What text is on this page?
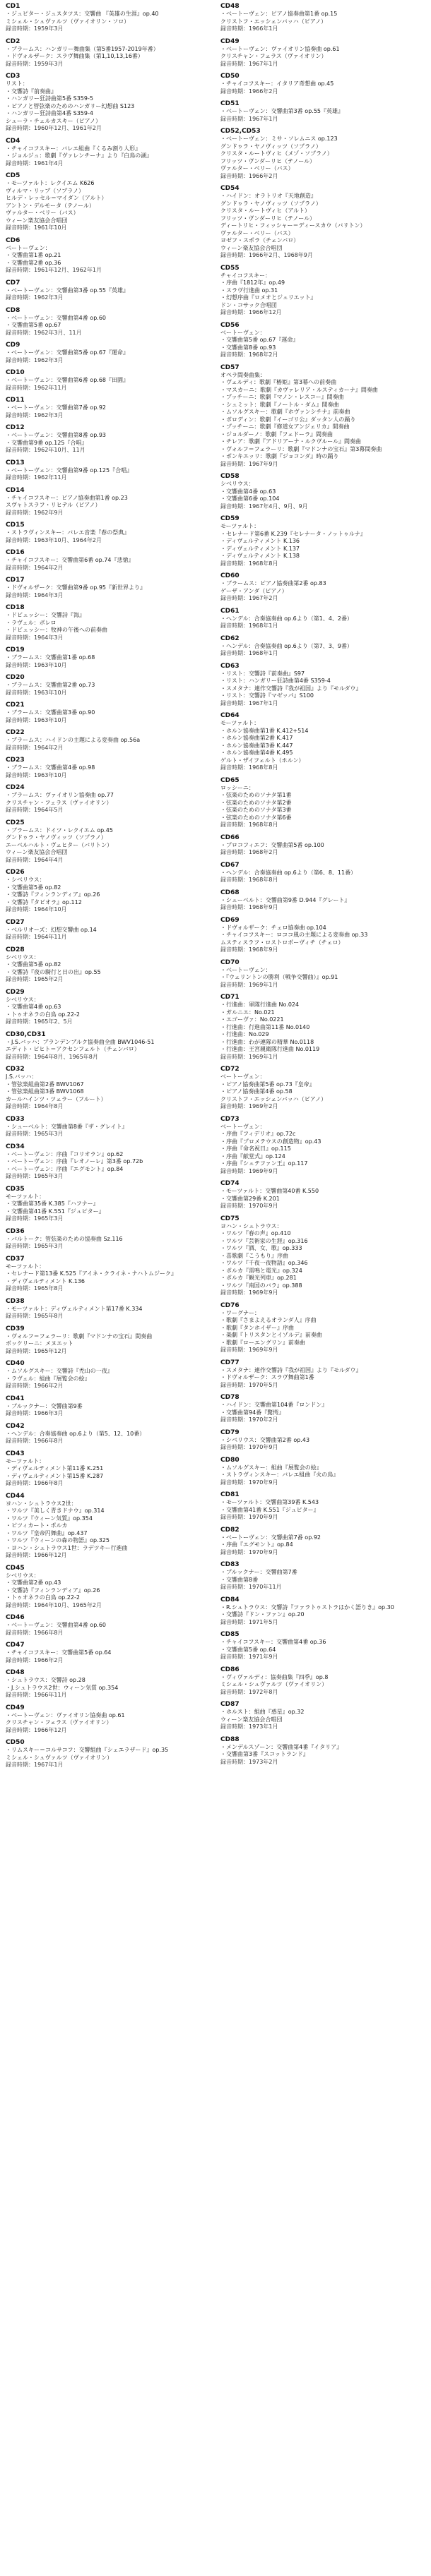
CD1
・ジュピター・ジュスタツス：交響曲 『英雄の生涯』op.40
ミシェル・シュヴァルツ（ヴァイオリン・ソロ）
録音時期：1959年3月
CD2
・ブラームス：ハンガリー舞曲集（第5番1957-2019年番）
・ドヴォルザーク：スラヴ舞曲集（第1,10,13,16番）
録音時期：1959年3月
CD3
リスト：
・交響詩『前奏曲』
・ハンガリー狂詩曲第5番 S359-5
・ピアノと管弦楽のためのハンガリー幻想曲 S123
・ハンガリー狂詩曲第4番 S359-4
シューラ・チェルカスキー（ピアノ）
録音時期：1960年12月、1961年2月
CD4
・チャイコフスキー：バレエ組曲『くるみ割り人形』
・ジョルジュ：歌劇『ヴァレンチーナ』より『白鳥の湖』
録音時期：1961年4月
CD5
・モーツァルト：レクイエム K626
ヴィルマ・リップ（ソプラノ）
ヒルデ・レッセル＝マイダン（アルト）
アントン・デルモータ（テノール）
ヴァルター・ベリー（バス）
ウィーン楽友協会合唱団
録音時期：1961年10月
CD6
ベートーヴェン：
・交響曲第1番 op.21
・交響曲第2番 op.36
録音時期：1961年12月、1962年1月
CD7
・ベートーヴェン：交響曲第3番 op.55『英雄』
録音時期：1962年3月
CD8
・ベートーヴェン：交響曲第4番 op.60
・交響曲第5番 op.67
録音時期：1962年3月、11月
CD9
・ベートーヴェン：交響曲第5番 op.67『運命』
録音時期：1962年3月
CD10
・ベートーヴェン：交響曲第6番 op.68『田園』
録音時期：1962年11月
CD11
・ベートーヴェン：交響曲第7番 op.92
録音時期：1962年3月
CD12
・ベートーヴェン：交響曲第8番 op.93
・交響曲第9番 op.125『合唱』
録音時期：1962年10月、11月
CD13
・ベートーヴェン：交響曲第9番 op.125『合唱』
録音時期：1962年11月
CD14
・チャイコフスキー：ピアノ協奏曲第1番 op.23
スヴャトスラフ・リヒテル（ピアノ）
録音時期：1962年9月
CD15
・ストラヴィンスキー：バレエ音楽『春の祭典』
録音時期：1963年10月、1964年2月
CD16
・チャイコフスキー：交響曲第6番 op.74『悲愴』
録音時期：1964年2月
CD17
・ドヴォルザーク：交響曲第9番 op.95『新世界より』
録音時期：1964年3月
CD18
・ドビュッシー：交響詩『海』
・ラヴェル：ボレロ
・ドビュッシー：牧神の午後への前奏曲
録音時期：1964年3月
CD19
・ブラームス：交響曲第1番 op.68
録音時期：1963年10月
CD20
・ブラームス：交響曲第2番 op.73
録音時期：1963年10月
CD21
・ブラームス：交響曲第3番 op.90
録音時期：1963年10月
CD22
・ブラームス：ハイドンの主題による変奏曲 op.56a
録音時期：1964年2月
CD23
・ブラームス：交響曲第4番 op.98
録音時期：1963年10月
CD24
・ブラームス：ヴァイオリン協奏曲 op.77
クリスチャン・フェラス（ヴァイオリン）
録音時期：1964年5月
CD25
・ブラームス：ドイツ・レクイエム op.45
グンドゥラ・ヤノヴィッツ（ソプラノ）
エーベルハルト・ヴェヒター（バリトン）
ウィーン楽友協会合唱団
録音時期：1964年4月
CD26
・シベリウス：
・交響曲第5番 op.82
・交響詩『フィンランディア』op.26
・交響詩『タピオラ』op.112
録音時期：1964年10月
CD27
・ベルリオーズ：幻想交響曲 op.14
録音時期：1964年11月
CD28
シベリウス：
・交響曲第5番 op.82
・交響詩『夜の騎行と日の出』op.55
録音時期：1965年2月
CD29
シベリウス：
・交響曲第4番 op.63
・トゥオネラの白鳥 op.22-2
録音時期：1965年2、5月
CD30,CD31
・J.S.バッハ：ブランデンブルク協奏曲全曲 BWV1046-51
エディト・ピヒト＝アクセンフェルト（チェンバロ）
録音時期：1964年8月、1965年8月
CD32
J.S.バッハ：
・管弦楽組曲第2番 BWV1067
・管弦楽組曲第3番 BWV1068
カールハインツ・ツェラー（フルート）
録音時期：1964年8月
CD33
・シューベルト：交響曲第8番『ザ・グレイト』
録音時期：1965年3月
CD34
・ベートーヴェン：序曲『コリオラン』op.62
・ベートーヴェン：序曲『レオノーレ』第3番 op.72b
・ベートーヴェン：序曲『エグモント』op.84
録音時期：1965年3月
CD35
モーツァルト：
・交響曲第35番 K.385『ハフナー』
・交響曲第41番 K.551『ジュピター』
録音時期：1965年3月
CD36
・バルトーク：管弦楽のための協奏曲 Sz.116
録音時期：1965年3月
CD37
モーツァルト：
・セレナード第13番 K.525『アイネ・クライネ・ナハトムジーク』
・ディヴェルティメント K.136
録音時期：1965年8月
CD38
・モーツァルト：ディヴェルティメント第17番 K.334
録音時期：1965年8月
CD39
・ヴォルフ＝フェラーリ：歌劇『マドンナの宝石』間奏曲
ボッケリーニ：メヌエット
録音時期：1965年12月
CD40
・ムソルグスキー：交響詩『禿山の一夜』
・ラヴェル：組曲『展覧会の絵』
録音時期：1966年2月
CD41
・ブルックナー：交響曲第9番
録音時期：1966年3月
CD42
・ヘンデル：合奏協奏曲 op.6より（第5、12、10番）
録音時期：1966年8月
CD43
モーツァルト：
・ディヴェルティメント第11番 K.251
・ディヴェルティメント第15番 K.287
録音時期：1966年8月
CD44
ヨハン・シュトラウス2世：
・ワルツ『美しく青きドナウ』op.314
・ワルツ『ウィーン気質』op.354
・ピツィカート・ポルカ
・ワルツ『皇帝円舞曲』op.437
・ワルツ『ウィーンの森の物語』op.325
・ヨハン・シュトラウス1世：ラデツキー行進曲
録音時期：1966年12月
CD45
シベリウス：
・交響曲第2番 op.43
・交響詩『フィンランディア』op.26
・トゥオネラの白鳥 op.22-2
録音時期：1964年10月、1965年2月
CD46
・ベートーヴェン：交響曲第4番 op.60
録音時期：1966年8月
CD47
・チャイコフスキー：交響曲第5番 op.64
録音時期：1966年2月
CD48
・シュトラウス：交響詩 op.28
・J.シュトラウス2世：ウィーン気質 op.354
録音時期：1966年11月
CD49
・ベートーヴェン：ヴァイオリン協奏曲 op.61
クリスチャン・フェラス（ヴァイオリン）
録音時期：1966年12月
CD50
・リムスキー＝コルサコフ：交響組曲『シェエラザード』op.35
ミシェル・シュヴァルツ（ヴァイオリン）
録音時期：1967年1月
CD48
・ベートーヴェン：ピアノ協奏曲第1番 op.15
クリストフ・エッシェンバッハ（ピアノ）
録音時期：1966年1月
CD49
・ベートーヴェン：ヴァイオリン協奏曲 op.61
クリスチャン・フェラス（ヴァイオリン）
録音時期：1967年1月
CD50
・チャイコフスキー：イタリア奇想曲 op.45
録音時期：1966年2月
CD51
・ベートーヴェン：交響曲第3番 op.55『英雄』
録音時期：1967年1月
CD52,CD53
・ベートーヴェン：ミサ・ソレムニス op.123
グンドゥラ・ヤノヴィッツ（ソプラノ）
クリスタ・ルートヴィヒ（メゾ・ソプラノ）
フリッツ・ヴンダーリヒ（テノール）
ヴァルター・ベリー（バス）
録音時期：1966年2月
CD54
・ハイドン：オラトリオ『天地創造』
グンドゥラ・ヤノヴィッツ（ソプラノ）
クリスタ・ルートヴィヒ（アルト）
フリッツ・ヴンダーリヒ（テノール）
ディートリヒ・フィッシャー＝ディースカウ（バリトン）
ヴァルター・ベリー（バス）
ヨゼフ・スポラ（チェンバロ）
ウィーン楽友協会合唱団
録音時期：1966年2月、1968年9月
CD55
チャイコフスキー：
・序曲『1812年』op.49
・スラヴ行進曲 op.31
・幻想序曲『ロメオとジュリエット』
ドン・コサック合唱団
録音時期：1966年12月
CD56
ベートーヴェン：
・交響曲第5番 op.67『運命』
・交響曲第8番 op.93
録音時期：1968年2月
CD57
オペラ間奏曲集：
・ヴェルディ：歌劇『椿姫』第3幕への前奏曲
・マスカーニ：歌劇『カヴァレリア・ルスティカーナ』間奏曲
・プッチーニ：歌劇『マノン・レスコー』間奏曲
・シュミット：歌劇『ノートル・ダム』間奏曲
・ムソルグスキー：歌劇『ホヴァンシチナ』前奏曲
・ボロディン：歌劇『イーゴリ公』ダッタン人の踊り
・プッチーニ：歌劇『修道女アンジェリカ』間奏曲
・ジョルダーノ：歌劇『フェドーラ』間奏曲
・チレア：歌劇『アドリアーナ・ルクヴルール』間奏曲
・ヴォルフ＝フェラーリ：歌劇『マドンナの宝石』第3幕間奏曲
・ポンキエッリ：歌劇『ジョコンダ』時の踊り
録音時期：1967年9月
CD58
シベリウス：
・交響曲第4番 op.63
・交響曲第6番 op.104
録音時期：1967年4月、9月、9月
CD59
モーツァルト：
・セレナード第6番 K.239『セレナータ・ノットゥルナ』
・ディヴェルティメント K.136
・ディヴェルティメント K.137
・ディヴェルティメント K.138
録音時期：1968年8月
CD60
・ブラームス：ピアノ協奏曲第2番 op.83
ゲーザ・アンダ（ピアノ）
録音時期：1967年2月
CD61
・ヘンデル：合奏協奏曲 op.6より（第1、4、2番）
録音時期：1968年1月
CD62
・ヘンデル：合奏協奏曲 op.6より（第7、3、9番）
録音時期：1968年1月
CD63
・リスト：交響詩『前奏曲』S97
・リスト：ハンガリー狂詩曲第4番 S359-4
・スメタナ：連作交響詩『我が祖国』より『モルダウ』
・リスト：交響詩『マゼッパ』S100
録音時期：1967年1月
CD64
モーツァルト：
・ホルン協奏曲第1番 K.412+514
・ホルン協奏曲第2番 K.417
・ホルン協奏曲第3番 K.447
・ホルン協奏曲第4番 K.495
ゲルト・ザイフェルト（ホルン）
録音時期：1968年8月
CD65
ロッシーニ：
・弦楽のためのソナタ第1番
・弦楽のためのソナタ第2番
・弦楽のためのソナタ第3番
・弦楽のためのソナタ第6番
録音時期：1968年8月
CD66
・プロコフィエフ：交響曲第5番 op.100
録音時期：1968年2月
CD67
・ヘンデル：合奏協奏曲 op.6より（第6、8、11番）
録音時期：1968年8月
CD68
・シューベルト：交響曲第9番 D.944『グレート』
録音時期：1968年9月
CD69
・ドヴォルザーク：チェロ協奏曲 op.104
・チャイコフスキー：ロココ風の主題による変奏曲 op.33
ムスティスラフ・ロストロポーヴィチ（チェロ）
録音時期：1968年9月
CD70
・ベートーヴェン：
・『ウェリントンの勝利（戦争交響曲）』op.91
録音時期：1969年1月
CD71
・行進曲：軍隊行進曲 No.024
・ガルニエ：No.021
・エゴーヴァ：No.0221
・行進曲：行進曲第11番 No.0140
・行進曲：No.029
・行進曲：わが連隊の精華 No.0118
・行進曲：王宮親衛隊行進曲 No.0119
録音時期：1969年1月
CD72
ベートーヴェン：
・ピアノ協奏曲第5番 op.73『皇帝』
・ピアノ協奏曲第4番 op.58
クリストフ・エッシェンバッハ（ピアノ）
録音時期：1969年2月
CD73
ベートーヴェン：
・序曲『フィデリオ』op.72c
・序曲『プロメテウスの創造物』op.43
・序曲『命名祝日』op.115
・序曲『献堂式』op.124
・序曲『シュテファン王』op.117
録音時期：1969年9月
CD74
・モーツァルト：交響曲第40番 K.550
・交響曲第29番 K.201
録音時期：1970年9月
CD75
ヨハン・シュトラウス：
・ワルツ『春の声』op.410
・ワルツ『芸術家の生涯』op.316
・ワルツ『酒、女、歌』op.333
・喜歌劇『こうもり』序曲
・ワルツ『千夜一夜物語』op.346
・ポルカ『雷鳴と電光』op.324
・ポルカ『観光列車』op.281
・ワルツ『南国のバラ』op.388
録音時期：1969年9月
CD76
・ワーグナー：
・歌劇『さまよえるオランダ人』序曲
・歌劇『タンホイザー』序曲
・楽劇『トリスタンとイゾルデ』前奏曲
・歌劇『ローエングリン』前奏曲
録音時期：1969年9月
CD77
・スメタナ：連作交響詩『我が祖国』より『モルダウ』
・ドヴォルザーク：スラヴ舞曲第1番
録音時期：1970年5月
CD78
・ハイドン：交響曲第104番『ロンドン』
・交響曲第94番『驚愕』
録音時期：1970年2月
CD79
・シベリウス：交響曲第2番 op.43
録音時期：1970年9月
CD80
・ムソルグスキー：組曲『展覧会の絵』
・ストラヴィンスキー：バレエ組曲『火の鳥』
録音時期：1970年9月
CD81
・モーツァルト：交響曲第39番 K.543
・交響曲第41番 K.551『ジュピター』
録音時期：1970年9月
CD82
・ベートーヴェン：交響曲第7番 op.92
・序曲『エグモント』op.84
録音時期：1970年9月
CD83
・ブルックナー：交響曲第7番
・交響曲第8番
録音時期：1970年11月
CD84
・R.シュトラウス：交響詩『ツァラトゥストラはかく語りき』op.30
・交響詩『ドン・ファン』op.20
録音時期：1971年5月
CD85
・チャイコフスキー：交響曲第4番 op.36
・交響曲第5番 op.64
録音時期：1971年9月
CD86
・ヴィヴァルディ：協奏曲集『四季』op.8
ミシェル・シュヴァルツ（ヴァイオリン）
録音時期：1972年8月
CD87
・ホルスト：組曲『惑星』op.32
ウィーン楽友協会合唱団
録音時期：1973年1月
CD88
・メンデルスゾーン：交響曲第4番『イタリア』
・交響曲第3番『スコットランド』
録音時期：1973年2月
